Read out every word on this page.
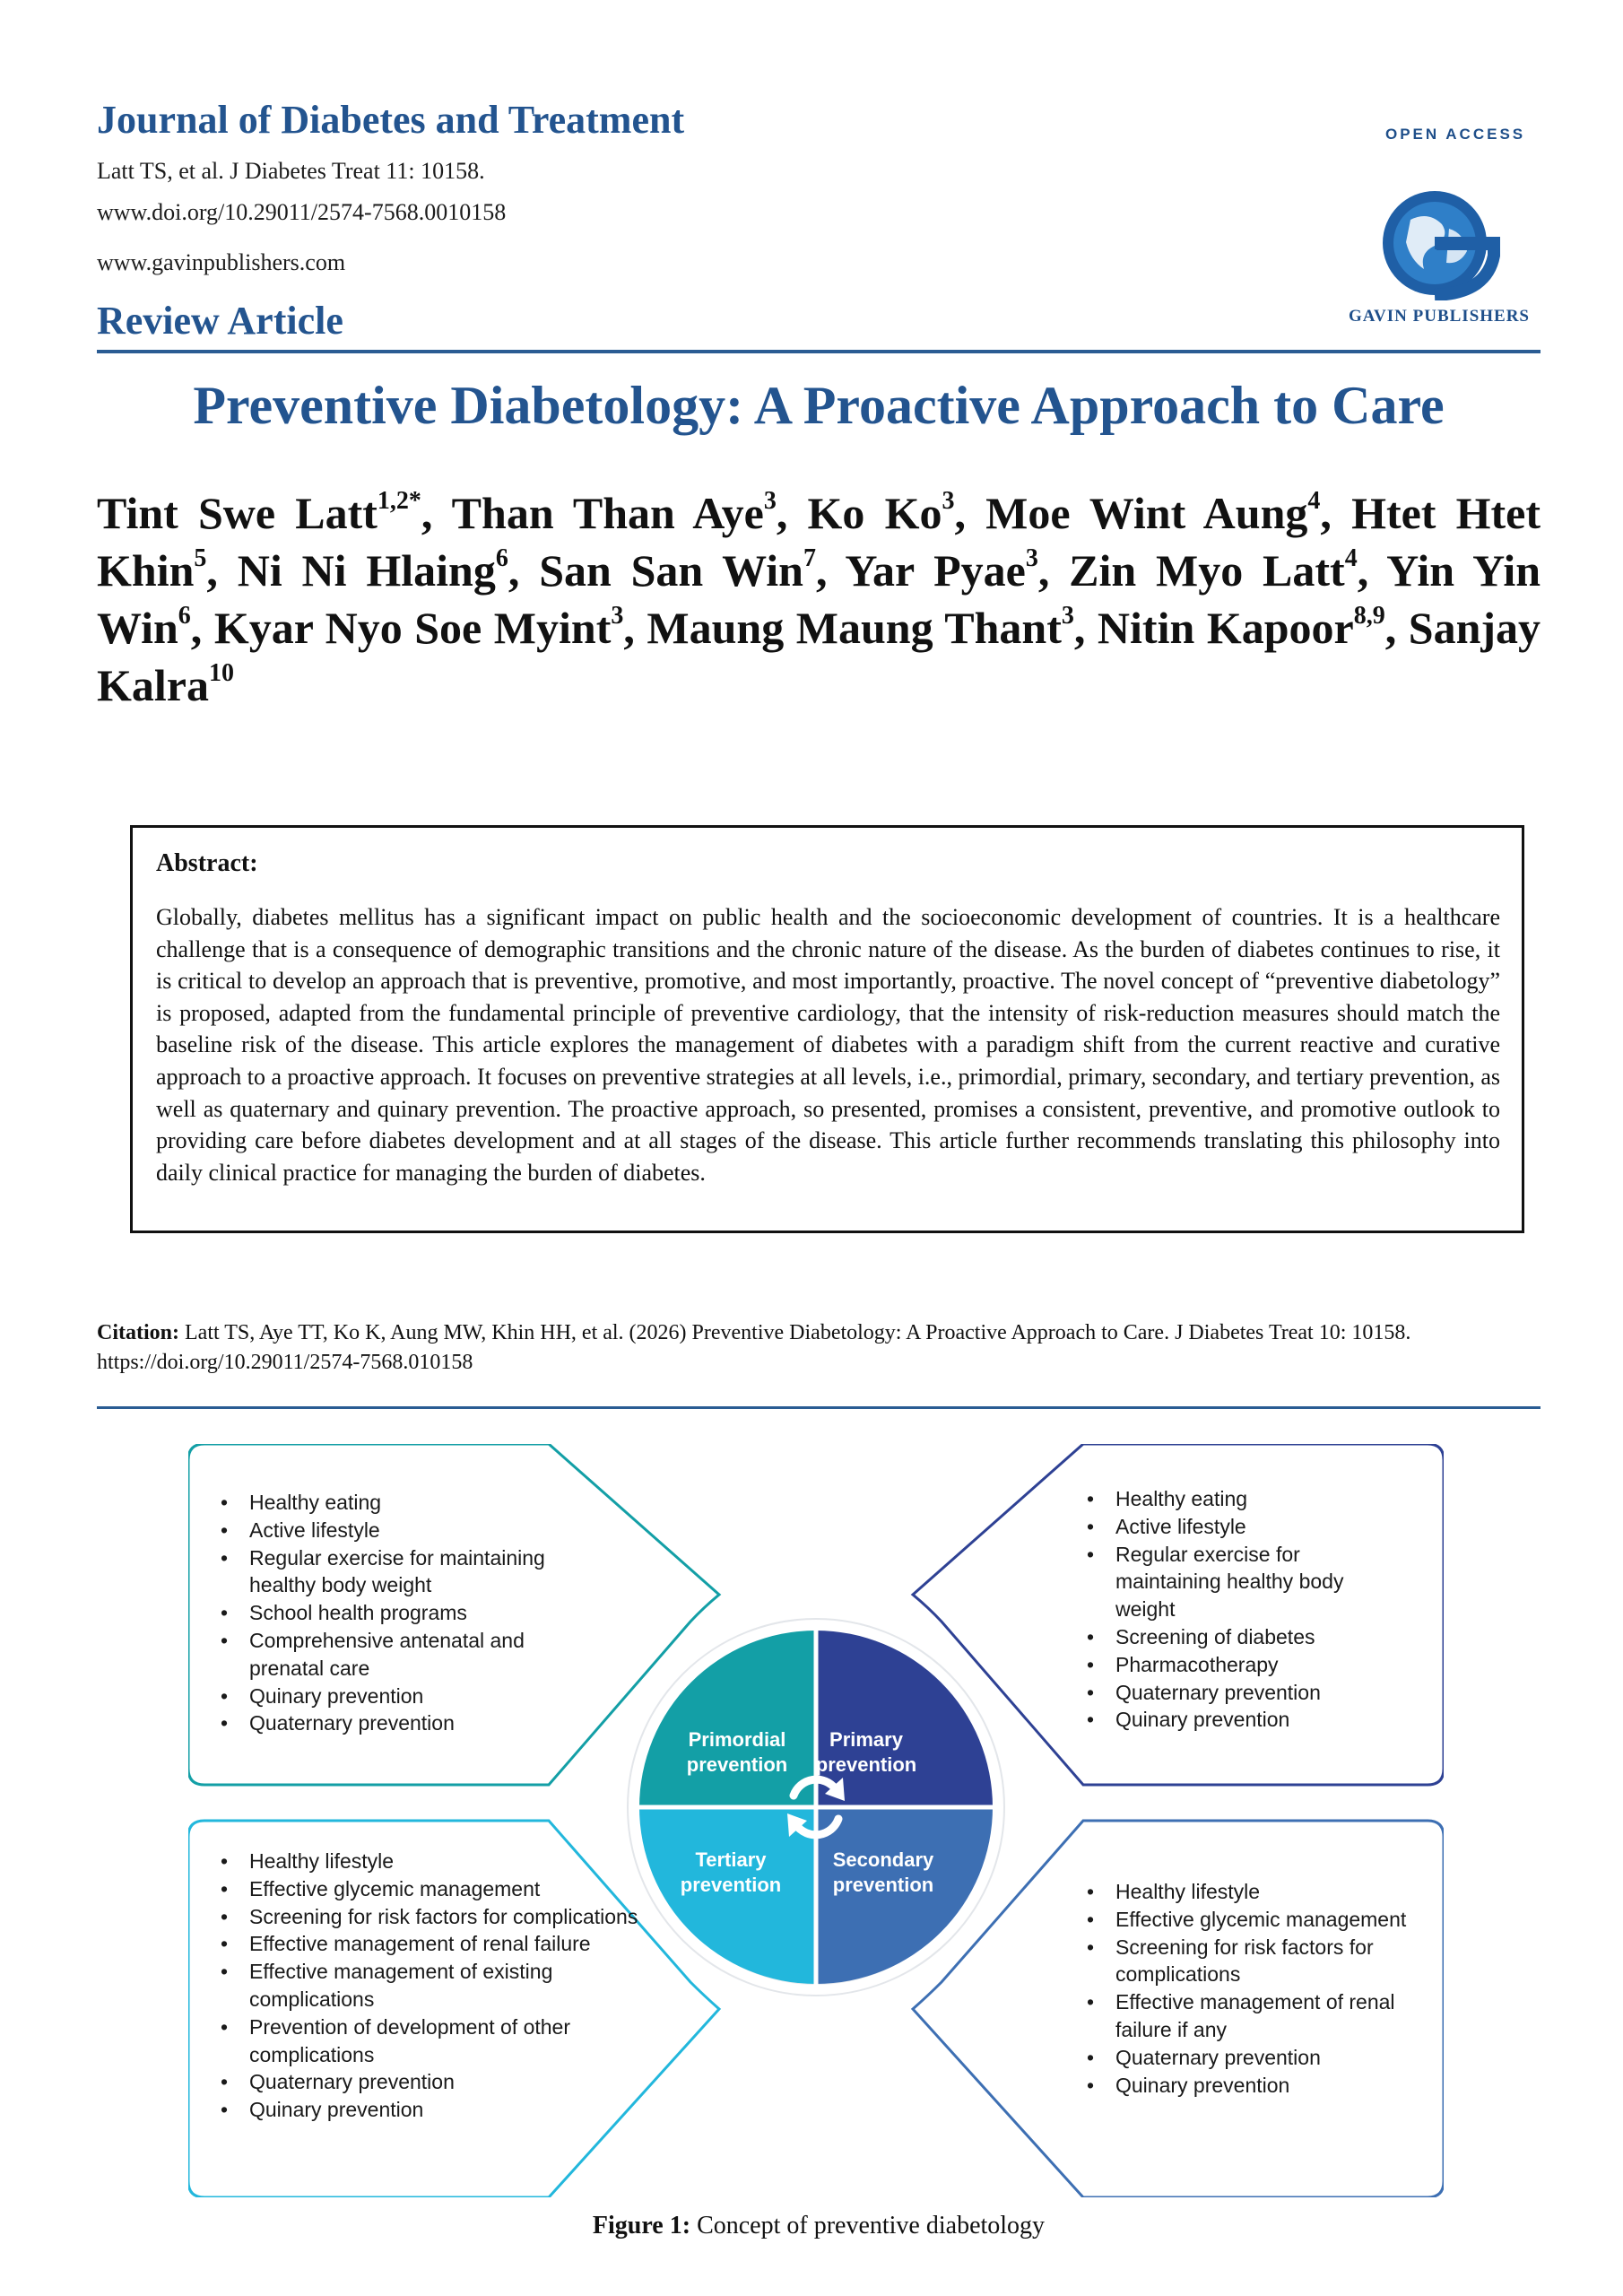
Journal of Diabetes and Treatment
Latt TS, et al. J Diabetes Treat 11: 10158.
www.doi.org/10.29011/2574-7568.0010158
www.gavinpublishers.com
Review Article
OPEN ACCESS
GAVIN PUBLISHERS
Preventive Diabetology: A Proactive Approach to Care
Tint Swe Latt$^{1,2*}$, Than Than Aye$^3$, Ko Ko$^3$, Moe Wint Aung$^4$, Htet Htet Khin$^5$, Ni Ni Hlaing$^6$, San San Win$^7$, Yar Pyae$^3$, Zin Myo Latt$^4$, Yin Yin Win$^6$, Kyar Nyo Soe Myint$^3$, Maung Maung Thant$^3$, Nitin Kapoor$^{8,9}$, Sanjay Kalra$^{10}$
Abstract:
Globally, diabetes mellitus has a significant impact on public health and the socioeconomic development of countries. It is a healthcare challenge that is a consequence of demographic transitions and the chronic nature of the disease. As the burden of diabetes continues to rise, it is critical to develop an approach that is preventive, promotive, and most importantly, proactive. The novel concept of “preventive diabetology” is proposed, adapted from the fundamental principle of preventive cardiology, that the intensity of risk-reduction measures should match the baseline risk of the disease. This article explores the management of diabetes with a paradigm shift from the current reactive and curative approach to a proactive approach. It focuses on preventive strategies at all levels, i.e., primordial, primary, secondary, and tertiary prevention, as well as quaternary and quinary prevention. The proactive approach, so presented, promises a consistent, preventive, and promotive outlook to providing care before diabetes development and at all stages of the disease. This article further recommends translating this philosophy into daily clinical practice for managing the burden of diabetes.
Citation: Latt TS, Aye TT, Ko K, Aung MW, Khin HH, et al. (2026) Preventive Diabetology: A Proactive Approach to Care. J Diabetes Treat 10: 10158. https://doi.org/10.29011/2574-7568.010158
• Healthy eating
• Active lifestyle
• Regular exercise for maintaining healthy body weight
• School health programs
• Comprehensive antenatal and prenatal care
• Quinary prevention
• Quaternary prevention
• Healthy eating
• Active lifestyle
• Regular exercise for maintaining healthy body weight
• Screening of diabetes
• Pharmacotherapy
• Quaternary prevention
• Quinary prevention
• Healthy lifestyle
• Effective glycemic management
• Screening for risk factors for complications
• Effective management of renal failure
• Effective management of existing complications
• Prevention of development of other complications
• Quaternary prevention
• Quinary prevention
• Healthy lifestyle
• Effective glycemic management
• Screening for risk factors for complications
• Effective management of renal failure if any
• Quaternary prevention
• Quinary prevention
Primordial prevention
Primary prevention
Tertiary prevention
Secondary prevention
Figure 1: Concept of preventive diabetology
